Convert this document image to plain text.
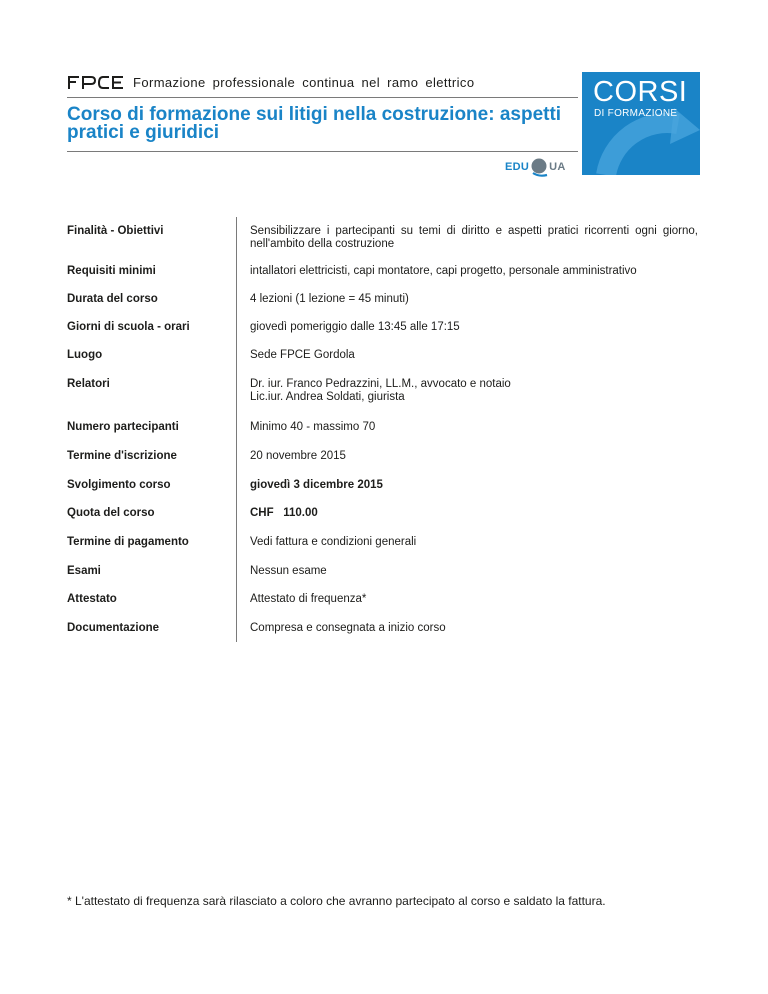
Formazione professionale continua nel ramo elettrico
Corso di formazione sui litigi nella costruzione: aspetti pratici e giuridici
CORSI
DI FORMAZIONE
EDU UA
Finalità - Obiettivi	Sensibilizzare i partecipanti su temi di diritto e aspetti pratici ricorrenti ogni giorno, nell'ambito della costruzione
Requisiti minimi	intallatori elettricisti, capi montatore, capi progetto, personale amministrativo
Durata del corso	4 lezioni (1 lezione = 45 minuti)
Giorni di scuola - orari	giovedì pomeriggio dalle 13:45 alle 17:15
Luogo	Sede FPCE Gordola
Relatori	Dr. iur. Franco Pedrazzini, LL.M., avvocato e notaio
Lic.iur. Andrea Soldati, giurista
Numero partecipanti	Minimo 40 - massimo 70
Termine d'iscrizione	20 novembre 2015
Svolgimento corso	giovedì 3 dicembre 2015
Quota del corso	CHF   110.00
Termine di pagamento	Vedi fattura e condizioni generali
Esami	Nessun esame
Attestato	Attestato di frequenza*
Documentazione	Compresa e consegnata a inizio corso
* L'attestato di frequenza sarà rilasciato a coloro che avranno partecipato al corso e saldato la fattura.
